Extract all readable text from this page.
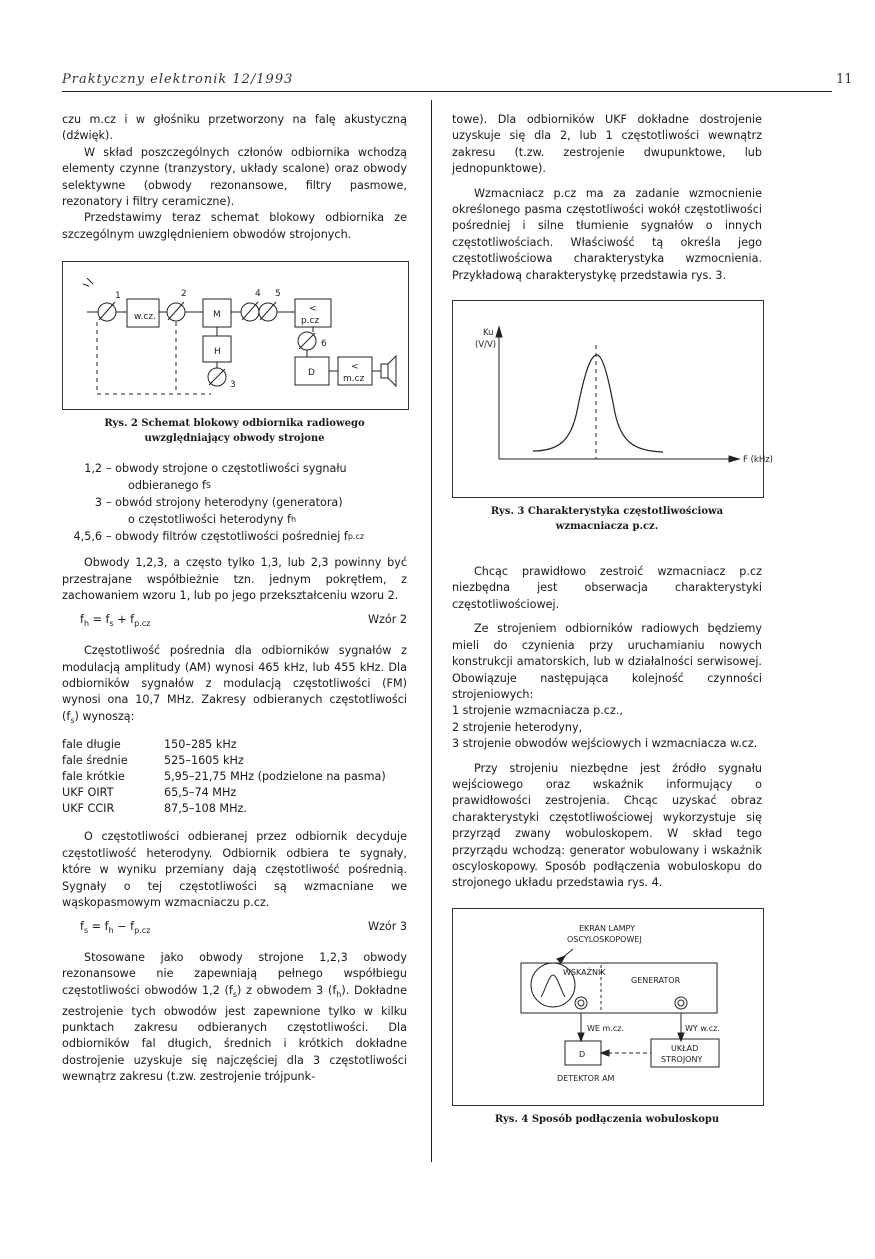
Praktyczny elektronik 12/1993	11

czu m.cz i w głośniku przetworzony na falę akustyczną (dźwięk).

W skład poszczególnych członów odbiornika wchodzą elementy czynne (tranzystory, układy scalone) oraz obwody selektywne (obwody rezonansowe, filtry pasmowe, rezonatory i filtry ceramiczne).

Przedstawimy teraz schemat blokowy odbiornika ze szczególnym uwzględnieniem obwodów strojonych.

w.cz.	M
H
<
p.cz
D
<
m.cz
1	2
3
4 5
6
Rys. 2 Schemat blokowy odbiornika radiowego
uwzględniający obwody strojone
1,2 –
obwody strojone o częstotliwości sygnału
odbieranego f S
3 –
obwód strojony heterodyny (generatora)
o częstotliwości heterodyny f h
4,5,6 –
obwody filtrów częstotliwości pośredniej f p.cz

Obwody 1,2,3, a często tylko 1,3, lub 2,3 powinny być przestrajane współbieżnie tzn. jednym pokrętłem, z zachowaniem wzoru 1, lub po jego przekształceniu wzoru 2.

$f_h = f_s + f_{p.cz}$	Wzór 2

Częstotliwość pośrednia dla odbiorników sygnałów z modulacją amplitudy (AM) wynosi 465 kHz, lub 455 kHz. Dla odbiorników sygnałów z modulacją częstotliwości (FM) wynosi ona 10,7 MHz. Zakresy odbieranych częstotliwości $(f_s)$ wynoszą:

fale długie	150–285 kHz
fale średnie	525–1605 kHz
fale krótkie	5,95–21,75 MHz (podzielone na pasma)
UKF OIRT	65,5–74 MHz
UKF CCIR	87,5–108 MHz.

O częstotliwości odbieranej przez odbiornik decyduje częstotliwość heterodyny. Odbiornik odbiera te sygnały, które w wyniku przemiany dają częstotliwość pośrednią. Sygnały o tej częstotliwości są wzmacniane we wąskopasmowym wzmacniaczu p.cz.

$f_s = f_h - f_{p.cz}$	Wzór 3

Stosowane jako obwody strojone 1,2,3 obwody rezonansowe nie zapewniają pełnego współbiegu częstotliwości obwodów 1,2 $(f_s)$ z obwodem 3 $(f_h)$. Dokładne zestrojenie tych obwodów jest zapewnione tylko w kilku punktach zakresu odbieranych częstotliwości. Dla odbiorników fal długich, średnich i krótkich dokładne dostrojenie uzyskuje się najczęściej dla 3 częstotliwości wewnątrz zakresu (t.zw. zestrojenie trójpunk-

towe). Dla odbiorników UKF dokładne dostrojenie uzyskuje się dla 2, lub 1 częstotliwości wewnątrz zakresu (t.zw. zestrojenie dwupunktowe, lub jednopunktowe).

Wzmacniacz p.cz ma za zadanie wzmocnienie określonego pasma częstotliwości wokół częstotliwości pośredniej i silne tłumienie sygnałów o innych częstotliwościach. Właściwość tą określa jego częstotliwościowa charakterystyka wzmocnienia. Przykładową charakterystykę przedstawia rys. 3.

Ku
(V/V)
F (kHz)
Rys. 3 Charakterystyka częstotliwościowa
wzmacniacza p.cz.

Chcąc prawidłowo zestroić wzmacniacz p.cz niezbędna jest obserwacja charakterystyki częstotliwościowej.

Ze strojeniem odbiorników radiowych będziemy mieli do czynienia przy uruchamianiu nowych konstrukcji amatorskich, lub w działalności serwisowej. Obowiązuje następująca kolejność czynności strojeniowych:

1 strojenie wzmacniacza p.cz.,
2 strojenie heterodyny,
3 strojenie obwodów wejściowych i wzmacniacza w.cz.

Przy strojeniu niezbędne jest źródło sygnału wejściowego oraz wskaźnik informujący o prawidłowości zestrojenia. Chcąc uzyskać obraz charakterystyki częstotliwościowej wykorzystuje się przyrząd zwany wobuloskopem. W skład tego przyrządu wchodzą: generator wobulowany i wskaźnik oscyloskopowy. Sposób podłączenia wobuloskopu do strojonego układu przedstawia rys. 4.

EKRAN LAMPY
OSCYLOSKOPOWEJ
WSKAŹNIK
GENERATOR
WE m.cz.	WY w.cz.
D
UKŁAD
STROJONY
DETEKTOR AM
Rys. 4 Sposób podłączenia wobuloskopu
